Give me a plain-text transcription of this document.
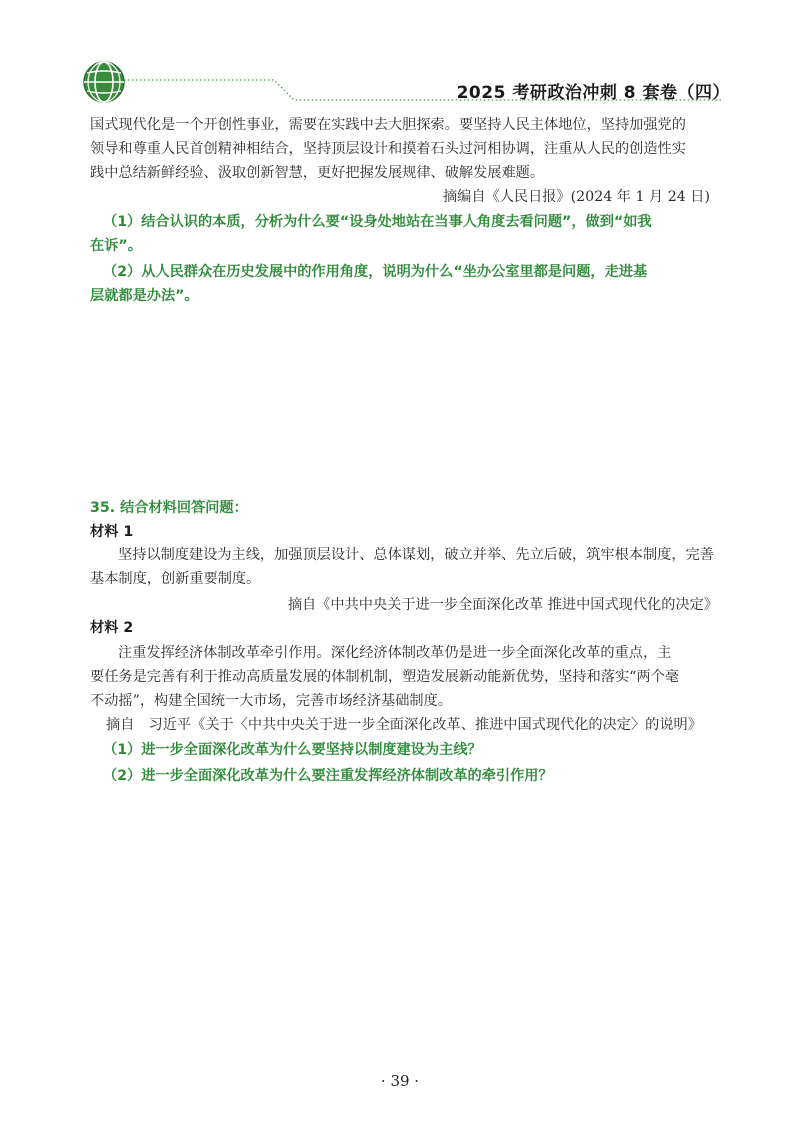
2025 考研政治冲刺 8 套卷（四）
国式现代化是一个开创性事业，需要在实践中去大胆探索。要坚持人民主体地位，坚持加强党的
领导和尊重人民首创精神相结合，坚持顶层设计和摸着石头过河相协调，注重从人民的创造性实
践中总结新鲜经验、汲取创新智慧，更好把握发展规律、破解发展难题。
摘编自《人民日报》(2024 年 1 月 24 日)
（1）结合认识的本质，分析为什么要“设身处地站在当事人角度去看问题”，做到“如我
在诉”。
（2）从人民群众在历史发展中的作用角度，说明为什么“坐办公室里都是问题，走进基
层就都是办法”。
35. 结合材料回答问题：
材料 1
坚持以制度建设为主线，加强顶层设计、总体谋划，破立并举、先立后破，筑牢根本制度，完善
基本制度，创新重要制度。
摘自《中共中央关于进一步全面深化改革 推进中国式现代化的决定》
材料 2
注重发挥经济体制改革牵引作用。深化经济体制改革仍是进一步全面深化改革的重点，主
要任务是完善有利于推动高质量发展的体制机制，塑造发展新动能新优势，坚持和落实“两个毫
不动摇”，构建全国统一大市场，完善市场经济基础制度。
摘自　习近平《关于〈中共中央关于进一步全面深化改革、推进中国式现代化的决定〉的说明》
（1）进一步全面深化改革为什么要坚持以制度建设为主线？
（2）进一步全面深化改革为什么要注重发挥经济体制改革的牵引作用？
· 39 ·
